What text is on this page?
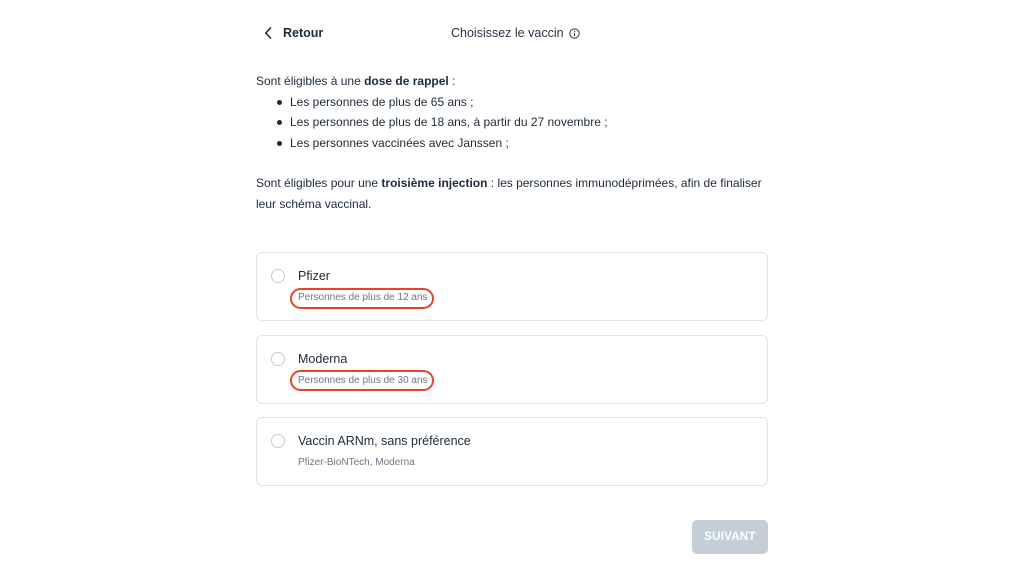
Retour	Choisissez le vaccin

Sont éligibles à une dose de rappel :

Les personnes de plus de 65 ans ;
Les personnes de plus de 18 ans, à partir du 27 novembre ;
Les personnes vaccinées avec Janssen ;

Sont éligibles pour une troisième injection : les personnes immunodéprimées, afin de finaliser leur schéma vaccinal.

Pfizer
Personnes de plus de 12 ans
Moderna
Personnes de plus de 30 ans
Vaccin ARNm, sans préférence
Pfizer-BioNTech, Moderna
SUIVANT
